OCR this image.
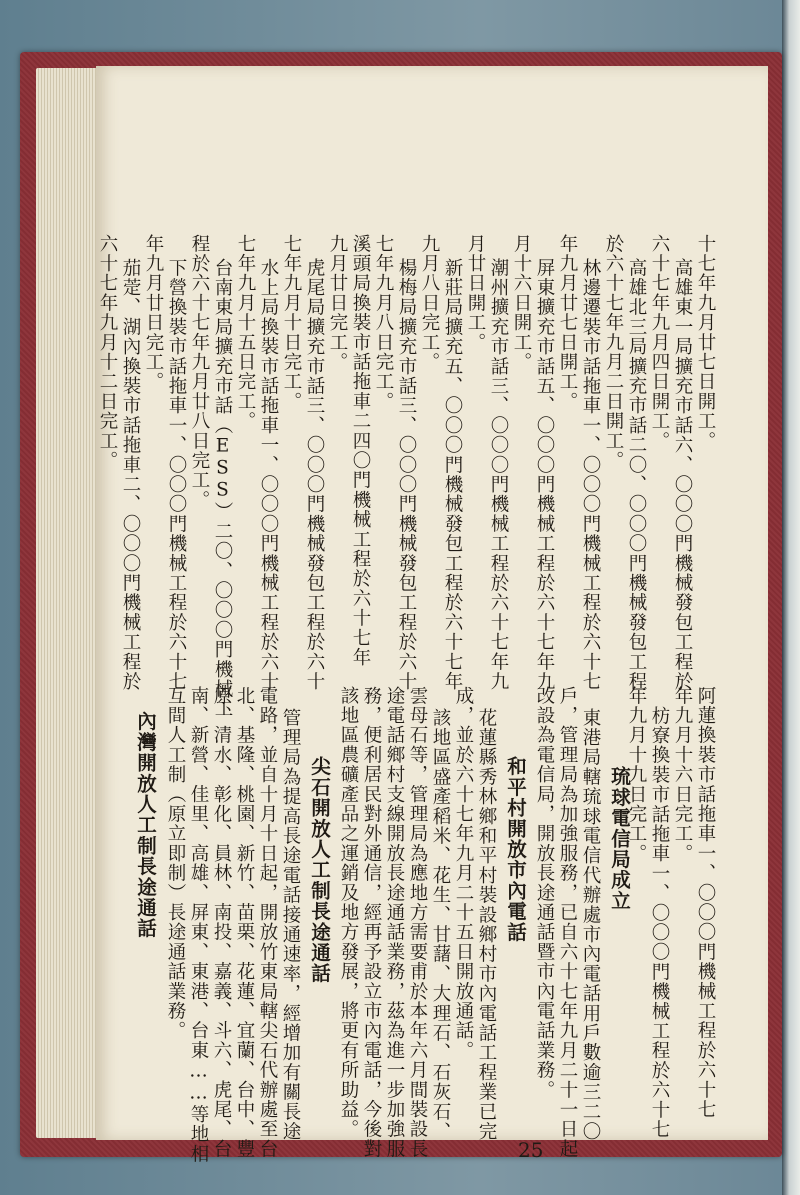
十七年九月廿七日開工。
高雄東一局擴充市話六、〇〇〇門機械發包工程於
六十七年九月四日開工。
高雄北三局擴充市話二〇、〇〇〇門機械發包工程
於六十七年九月二日開工。
林邊遷裝市話拖車一、〇〇〇門機械工程於六十七
年九月廿七日開工。
屏東擴充市話五、〇〇〇門機械工程於六十七年九
月十六日開工。
潮州擴充市話三、〇〇〇門機械工程於六十七年九
月廿日開工。
新莊局擴充五、〇〇〇門機械發包工程於六十七年
九月八日完工。
楊梅局擴充市話三、〇〇〇門機械發包工程於六十
七年九月八日完工。
溪頭局換裝市話拖車二四〇門機械工程於六十七年
九月廿日完工。
虎尾局擴充市話三、〇〇〇門機械發包工程於六十
七年九月十日完工。
水上局換裝市話拖車一、〇〇〇門機械工程於六十
七年九月十五日完工。
台南東局擴充市話（ESS）二〇、〇〇〇門機械工
程於六十七年九月廿八日完工。
下營換裝市話拖車一、〇〇〇門機械工程於六十七
年九月廿日完工。
茄萣、湖內換裝市話拖車二、〇〇〇門機械工程於
六十七年九月十二日完工。
阿蓮換裝市話拖車一、〇〇〇門機械工程於六十七
年九月十六日完工。
枋寮換裝市話拖車一、〇〇〇門機械工程於六十七
年九月十九日完工。
琉球電信局成立
東港局轄琉球電信代辦處市內電話用戶數逾三二〇
戶，管理局為加強服務，已自六十七年九月二十一日起
改設為電信局，開放長途通話暨市內電話業務。
和平村開放市內電話
花蓮縣秀林鄉和平村裝設鄉村市內電話工程業已完
成，並於六十七年九月二十五日開放通話。
該地區盛產稻米、花生、甘藷、大理石、石灰石、
雲母石等，管理局為應地方需要甫於本年六月間裝設長
途電話鄉村支線開放長途通話業務，茲為進一步加強服
務，便利居民對外通信，經再予設立市內電話，今後對
該地區農礦產品之運銷及地方發展，將更有所助益。
尖石開放人工制長途通話
管理局為提高長途電話接通速率，經增加有關長途
電路，並自十月十日起，開放竹東局轄尖石代辦處至台
北、基隆、桃園、新竹、苗栗、花蓮、宜蘭、台中、豐
原、清水、彰化、員林、南投、嘉義、斗六、虎尾、台
南、新營、佳里、高雄、屏東、東港、台東……等地相
互間人工制（原立即制）長途通話業務。
內灣開放人工制長途通話
25
